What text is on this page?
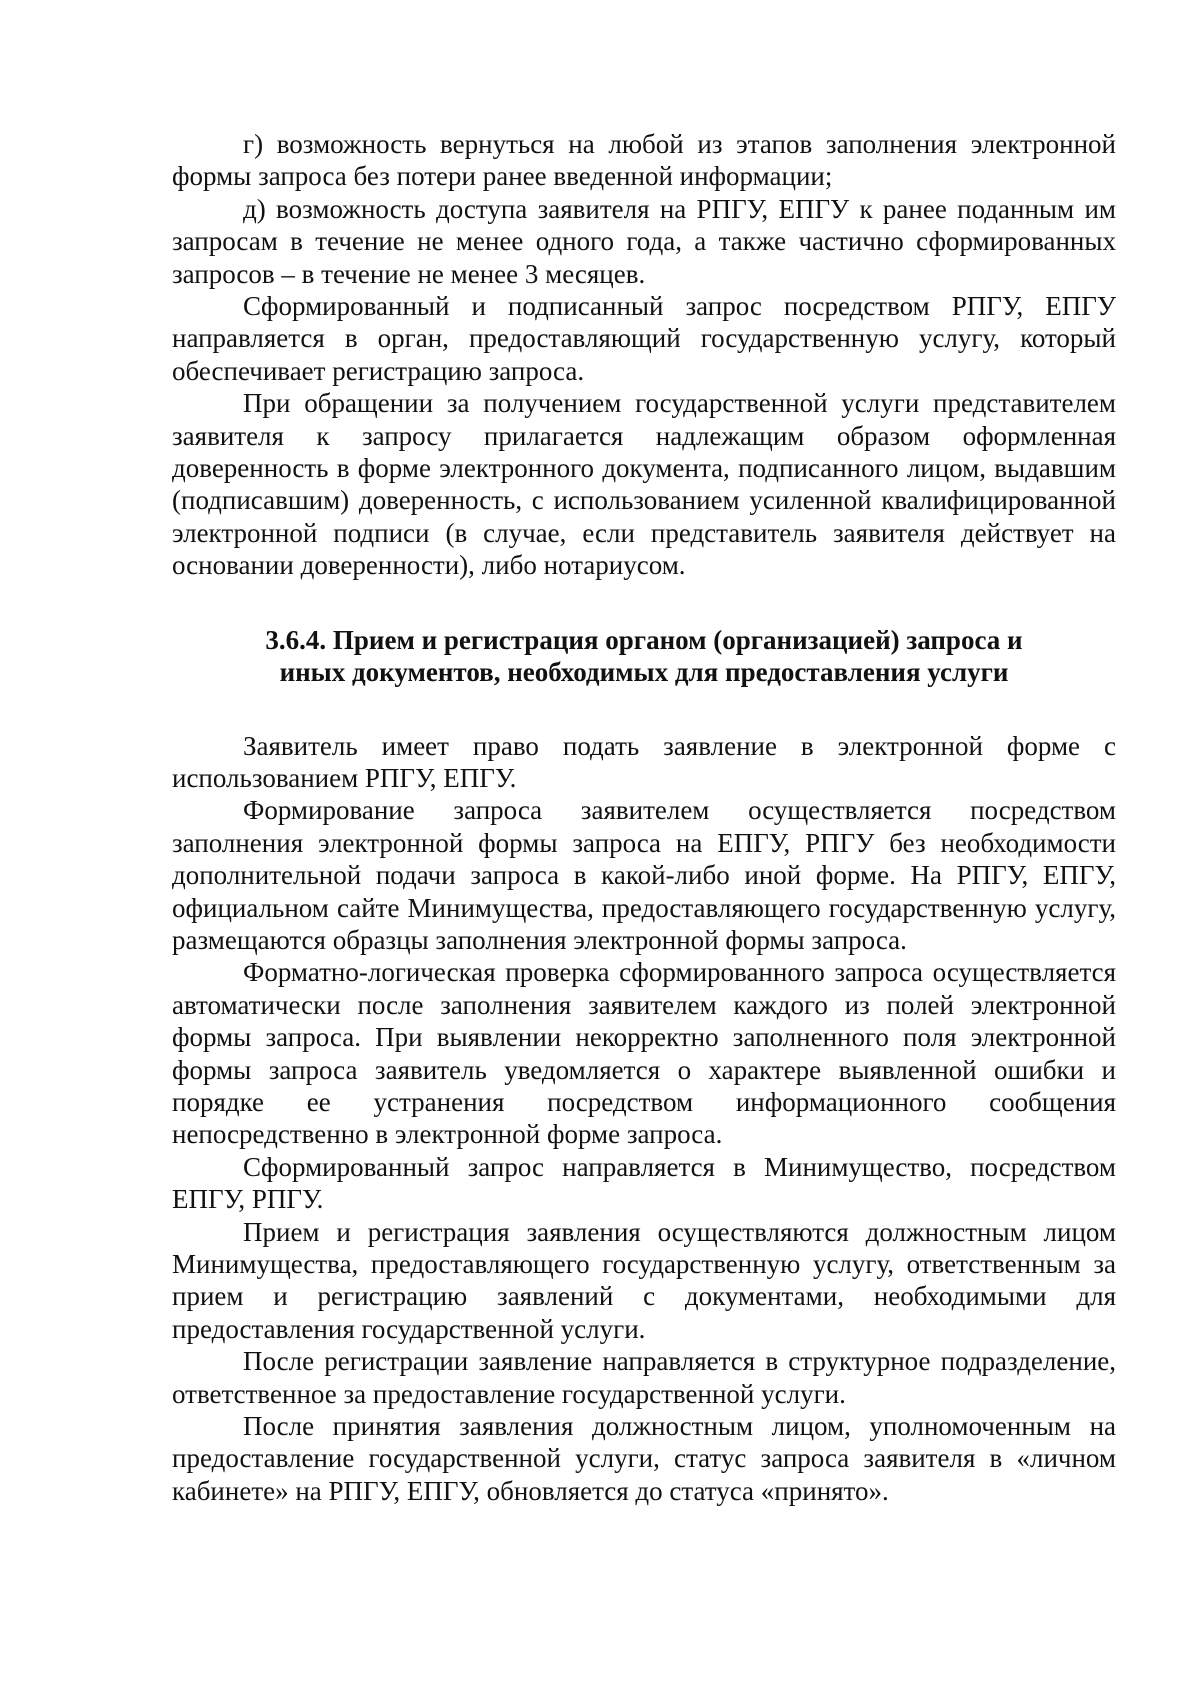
г) возможность вернуться на любой из этапов заполнения электронной формы запроса без потери ранее введенной информации;

д) возможность доступа заявителя на РПГУ, ЕПГУ к ранее поданным им запросам в течение не менее одного года, а также частично сформированных запросов – в течение не менее 3 месяцев.

Сформированный и подписанный запрос посредством РПГУ, ЕПГУ направляется в орган, предоставляющий государственную услугу, который обеспечивает регистрацию запроса.

При обращении за получением государственной услуги представителем заявителя к запросу прилагается надлежащим образом оформленная доверенность в форме электронного документа, подписанного лицом, выдавшим (подписавшим) доверенность, с использованием усиленной квалифицированной электронной подписи (в случае, если представитель заявителя действует на основании доверенности), либо нотариусом.

3.6.4. Прием и регистрация органом (организацией) запроса и

иных документов, необходимых для предоставления услуги

Заявитель имеет право подать заявление в электронной форме с использованием РПГУ, ЕПГУ.

Формирование запроса заявителем осуществляется посредством заполнения электронной формы запроса на ЕПГУ, РПГУ без необходимости дополнительной подачи запроса в какой-либо иной форме. На РПГУ, ЕПГУ, официальном сайте Минимущества, предоставляющего государственную услугу, размещаются образцы заполнения электронной формы запроса.

Форматно-логическая проверка сформированного запроса осуществляется автоматически после заполнения заявителем каждого из полей электронной формы запроса. При выявлении некорректно заполненного поля электронной формы запроса заявитель уведомляется о характере выявленной ошибки и порядке ее устранения посредством информационного сообщения непосредственно в электронной форме запроса.

Сформированный запрос направляется в Минимущество, посредством ЕПГУ, РПГУ.

Прием и регистрация заявления осуществляются должностным лицом Минимущества, предоставляющего государственную услугу, ответственным за прием и регистрацию заявлений с документами, необходимыми для предоставления государственной услуги.

После регистрации заявление направляется в структурное подразделение, ответственное за предоставление государственной услуги.

После принятия заявления должностным лицом, уполномоченным на предоставление государственной услуги, статус запроса заявителя в «личном кабинете» на РПГУ, ЕПГУ, обновляется до статуса «принято».
